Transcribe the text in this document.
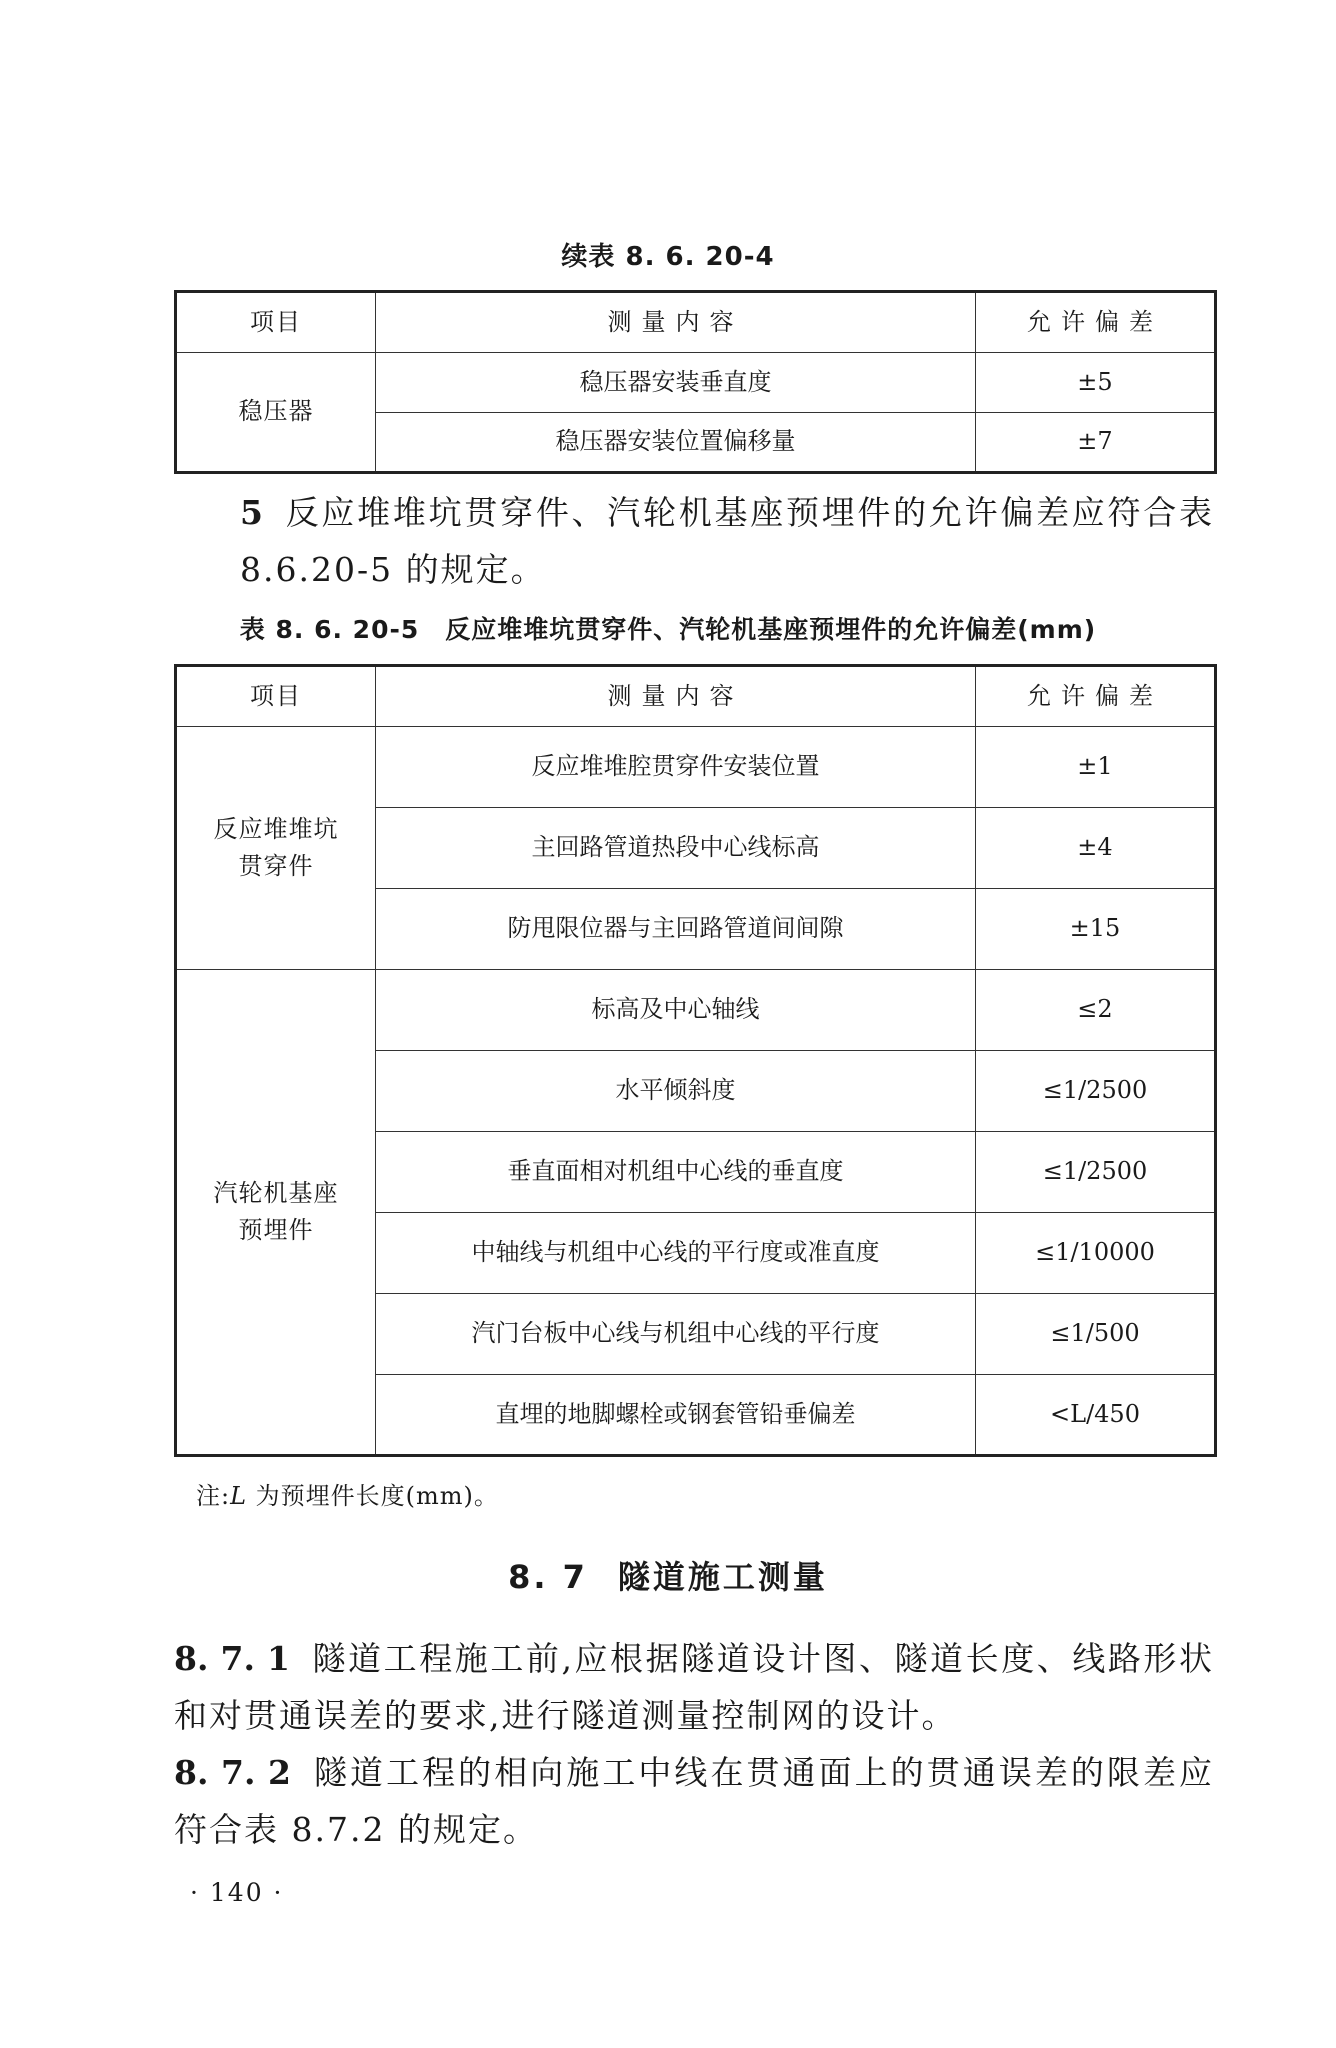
续表 8. 6. 20-4
项目	测量内容	允许偏差
稳压器	稳压器安装垂直度	±5
	稳压器安装位置偏移量	±7
5 反应堆堆坑贯穿件、汽轮机基座预埋件的允许偏差应符合表 8.6.20-5 的规定。
表 8. 6. 20-5　反应堆堆坑贯穿件、汽轮机基座预埋件的允许偏差(mm)
项目	测量内容	允许偏差

反应堆堆坑
贯穿件	反应堆堆腔贯穿件安装位置	±1
	主回路管道热段中心线标高	±4
	防甩限位器与主回路管道间间隙	±15

汽轮机基座
预埋件	标高及中心轴线	≤2
	水平倾斜度	≤1/2500
	垂直面相对机组中心线的垂直度	≤1/2500
	中轴线与机组中心线的平行度或准直度	≤1/10000
	汽门台板中心线与机组中心线的平行度	≤1/500
	直埋的地脚螺栓或钢套管铅垂偏差	<L/450
注:L 为预埋件长度(mm)。
8. 7 隧道施工测量
8. 7. 1 隧道工程施工前,应根据隧道设计图、隧道长度、线路形状和对贯通误差的要求,进行隧道测量控制网的设计。
8. 7. 2 隧道工程的相向施工中线在贯通面上的贯通误差的限差应符合表 8.7.2 的规定。
· 140 ·
